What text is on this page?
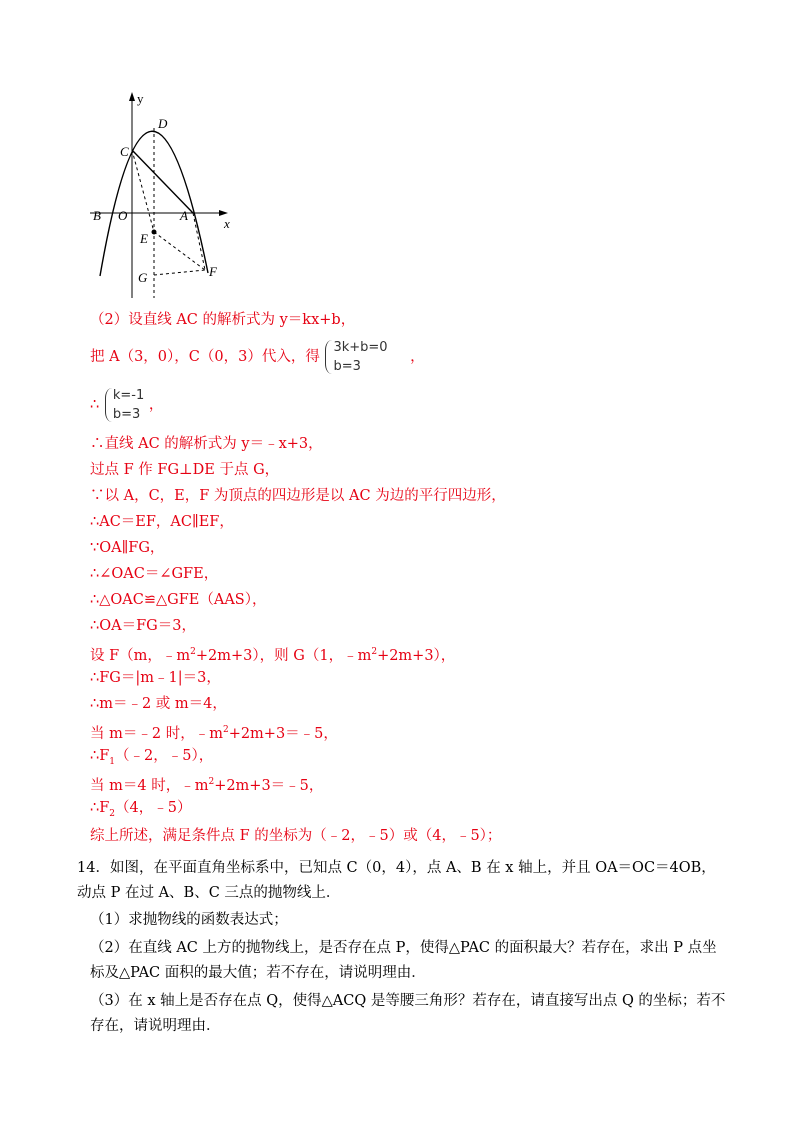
y
x
D
C
B O	A
E
G	F
（2）设直线 AC 的解析式为 y＝kx+b，
把 A（3，0），C（0，3）代入，得
3k+b=0
b=3
，
∴
k=-1
b=3
，
∴直线 AC 的解析式为 y＝﹣x+3，
过点 F 作 FG⊥DE 于点 G，
∵以 A，C，E，F 为顶点的四边形是以 AC 为边的平行四边形，
∴AC＝EF，AC∥EF，
∵OA∥FG，
∴∠OAC＝∠GFE，
∴△OAC≌△GFE（AAS），
∴OA＝FG＝3，
设 F（m，$﹣m^2+2m+3$），则 G（1，$﹣m^2+2m+3$），
∴FG＝|m﹣1|＝3，
∴m＝﹣2 或 m＝4，
当 m＝﹣2 时，$﹣m^2+2m+3=﹣5$，
$\therefore F_1(﹣2$，﹣5），
当 m＝4 时，$﹣m^2+2m+3=﹣5$，
$\therefore F_2(4$，﹣5）
综上所述，满足条件点 F 的坐标为（﹣2，﹣5）或（4，﹣5）；
14．如图，在平面直角坐标系中，已知点 C（0，4），点 A、B 在 x 轴上，并且 OA＝OC＝4OB，动点 P 在过 A、B、C 三点的抛物线上．
（1）求抛物线的函数表达式；
（2）在直线 AC 上方的抛物线上，是否存在点 P，使得△PAC 的面积最大？若存在，求出 P 点坐标及△PAC 面积的最大值；若不存在，请说明理由．
（3）在 x 轴上是否存在点 Q，使得△ACQ 是等腰三角形？若存在，请直接写出点 Q 的坐标；若不存在，请说明理由．
